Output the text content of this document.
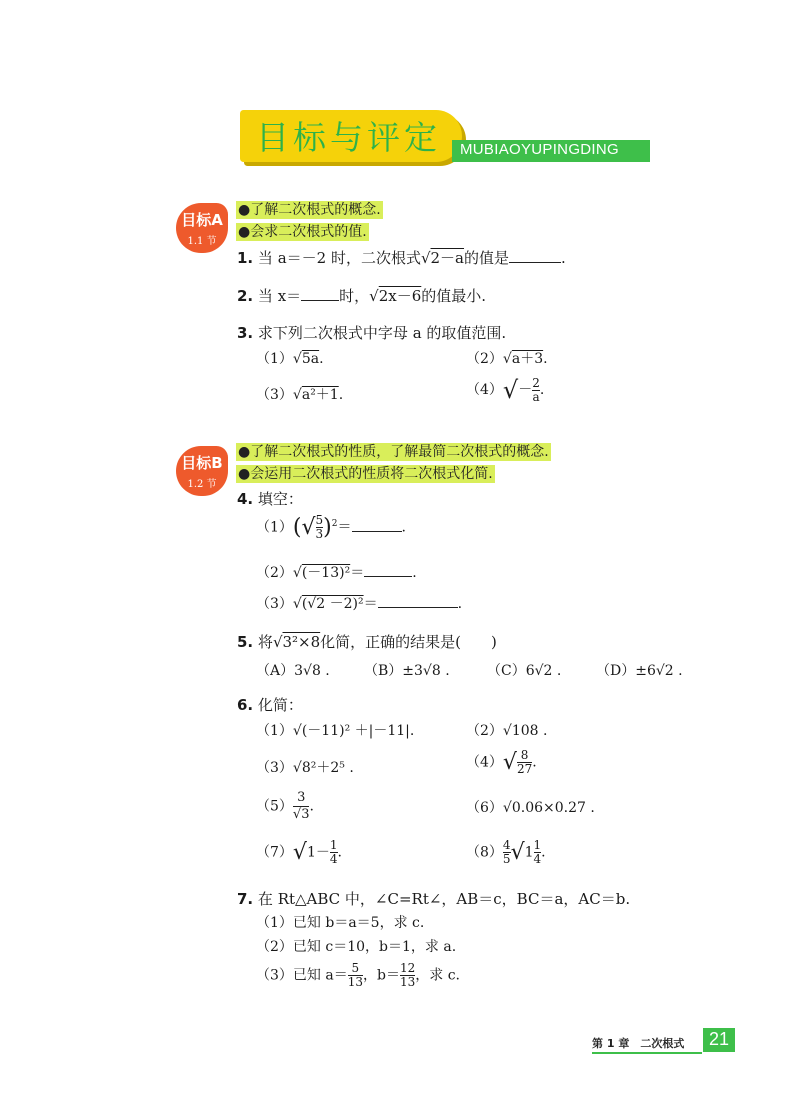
目标与评定 MUBIAOYUPINGDING
目标A
1.1 节
●了解二次根式的概念.
●会求二次根式的值.
1. 当 a＝－2 时，二次根式√2－a的值是	.
2. 当 x＝	时，√2x－6的值最小.
3. 求下列二次根式中字母 a 的取值范围.
（1）√5a.	（2）√a＋3.
（3）√a²＋1.	$(4)√- \frac{2}{a}$ .
目标B
1.2 节
●了解二次根式的性质，了解最简二次根式的概念.
●会运用二次根式的性质将二次根式化简.
4. 填空：
$(1)(√ \frac{5}{3} )^2=$	.
（2）√(－13)²＝	.
（3）√(√2 －2)²＝	.
5. 将√3²×8化简，正确的结果是(　　)
（A）3√8 . （B）±3√8 .	（C）6√2 . （D）±6√2 .
6. 化简：
（1）√(－11)² ＋|－11|.	（2）√108 .
（3）√8²＋2⁵ .	$(4)√ \frac{8}{27}$ .
$(5) \frac{3}{√3}$ .	（6）√0.06×0.27 .
$(7)√1- \frac{1}{4}$ .	$(8) \frac{4}{5} √1 \frac{1}{4}$ .
7. 在 Rt△ABC 中，∠C=Rt∠，AB＝c，BC＝a，AC＝b.
（1）已知 b＝a＝5，求 c.
（2）已知 c＝10，b＝1，求 a.
（3）已知 $a= \frac{5}{13}$ ，$b= \frac{12}{13}$ ，求 c.
第 1 章　二次根式	21
